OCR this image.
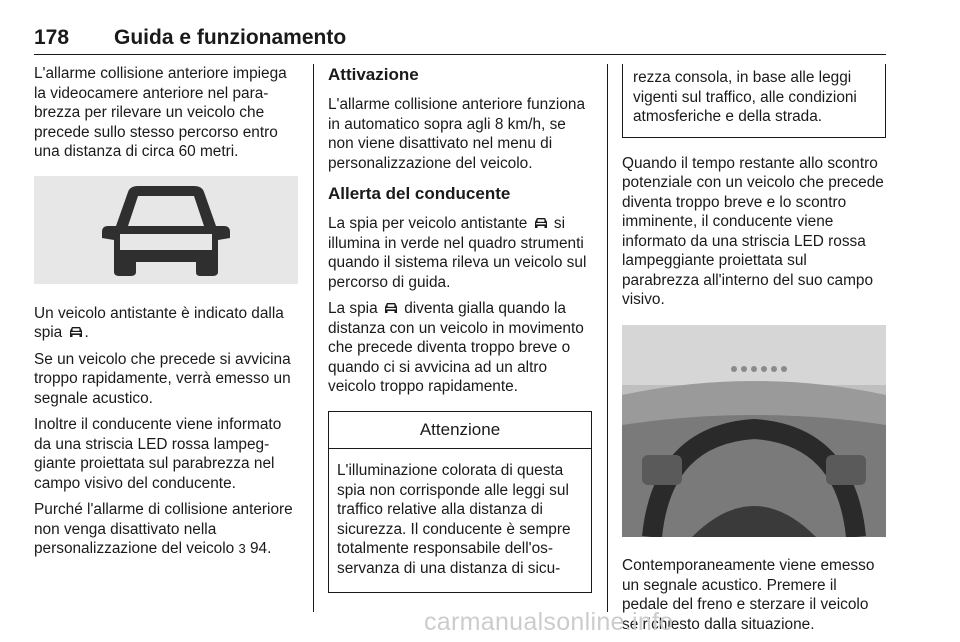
178 Guida e funzionamento

L'allarme collisione anteriore impiega la videocamere anteriore nel parabrezza per rilevare un veicolo che precede sullo stesso percorso entro una distanza di circa 60 metri.

Un veicolo antistante è indicato dalla spia .

Se un veicolo che precede si avvicina troppo rapidamente, verrà emesso un segnale acustico.

Inoltre il conducente viene informato da una striscia LED rossa lampeggiante proiettata sul parabrezza nel campo visivo del conducente.

Purché l'allarme di collisione anteriore non venga disattivato nella personalizzazione del veicolo 3 94.

Attivazione

L'allarme collisione anteriore funziona in automatico sopra agli 8 km/h, se non viene disattivato nel menu di personalizzazione del veicolo.

Allerta del conducente

La spia per veicolo antistante si illumina in verde nel quadro strumenti quando il sistema rileva un veicolo sul percorso di guida.

La spia diventa gialla quando la distanza con un veicolo in movimento che precede diventa troppo breve o quando ci si avvicina ad un altro veicolo troppo rapidamente.

Attenzione
L'illuminazione colorata di questa spia non corrisponde alle leggi sul traffico relative alla distanza di sicurezza. Il conducente è sempre totalmente responsabile dell'osservanza di una distanza di sicu-
rezza consola, in base alle leggi vigenti sul traffico, alle condizioni atmosferiche e della strada.

Quando il tempo restante allo scontro potenziale con un veicolo che precede diventa troppo breve e lo scontro imminente, il conducente viene informato da una striscia LED rossa lampeggiante proiettata sul parabrezza all'interno del suo campo visivo.

Contemporaneamente viene emesso un segnale acustico. Premere il pedale del freno e sterzare il veicolo se richiesto dalla situazione.

carmanualsonline.info
